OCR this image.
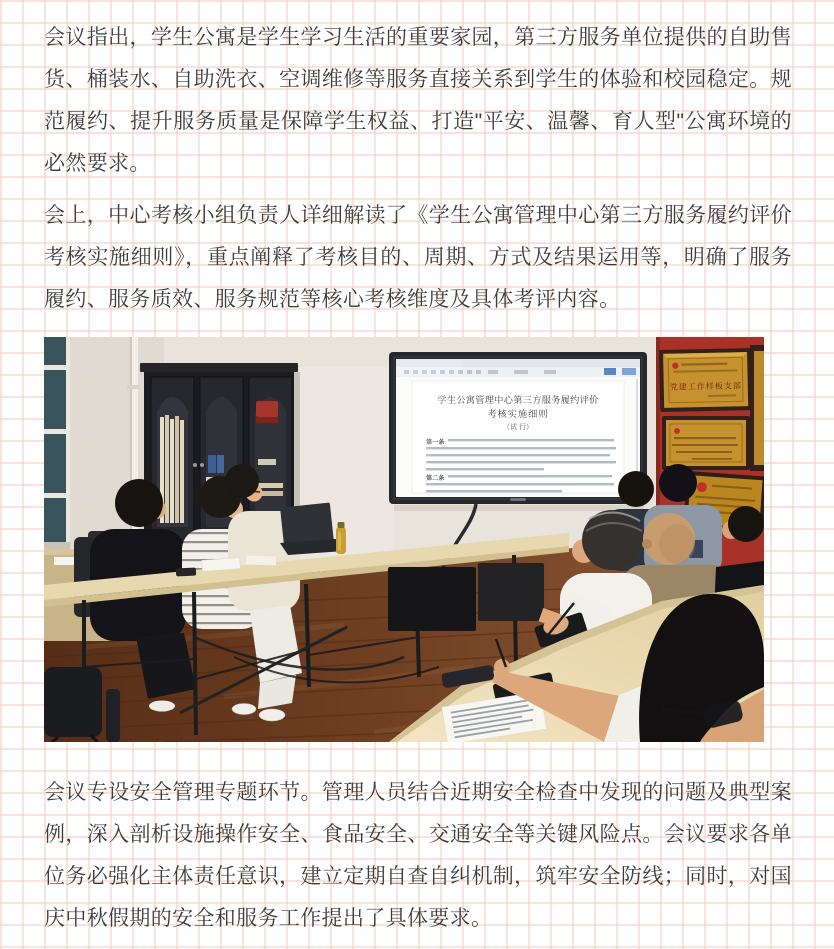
会议指出，学生公寓是学生学习生活的重要家园，第三方服务单位提供的自助售货、桶装水、自助洗衣、空调维修等服务直接关系到学生的体验和校园稳定。规范履约、提升服务质量是保障学生权益、打造"平安、温馨、育人型"公寓环境的必然要求。

会上，中心考核小组负责人详细解读了《学生公寓管理中心第三方服务履约评价考核实施细则》，重点阐释了考核目的、周期、方式及结果运用等，明确了服务履约、服务质效、服务规范等核心考核维度及具体考评内容。

学生公寓管理中心第三方服务履约评价
考核实施细则
（试 行）
第一条
第二条
党建工作样板支部

会议专设安全管理专题环节。管理人员结合近期安全检查中发现的问题及典型案例，深入剖析设施操作安全、食品安全、交通安全等关键风险点。会议要求各单位务必强化主体责任意识，建立定期自查自纠机制，筑牢安全防线；同时，对国庆中秋假期的安全和服务工作提出了具体要求。
